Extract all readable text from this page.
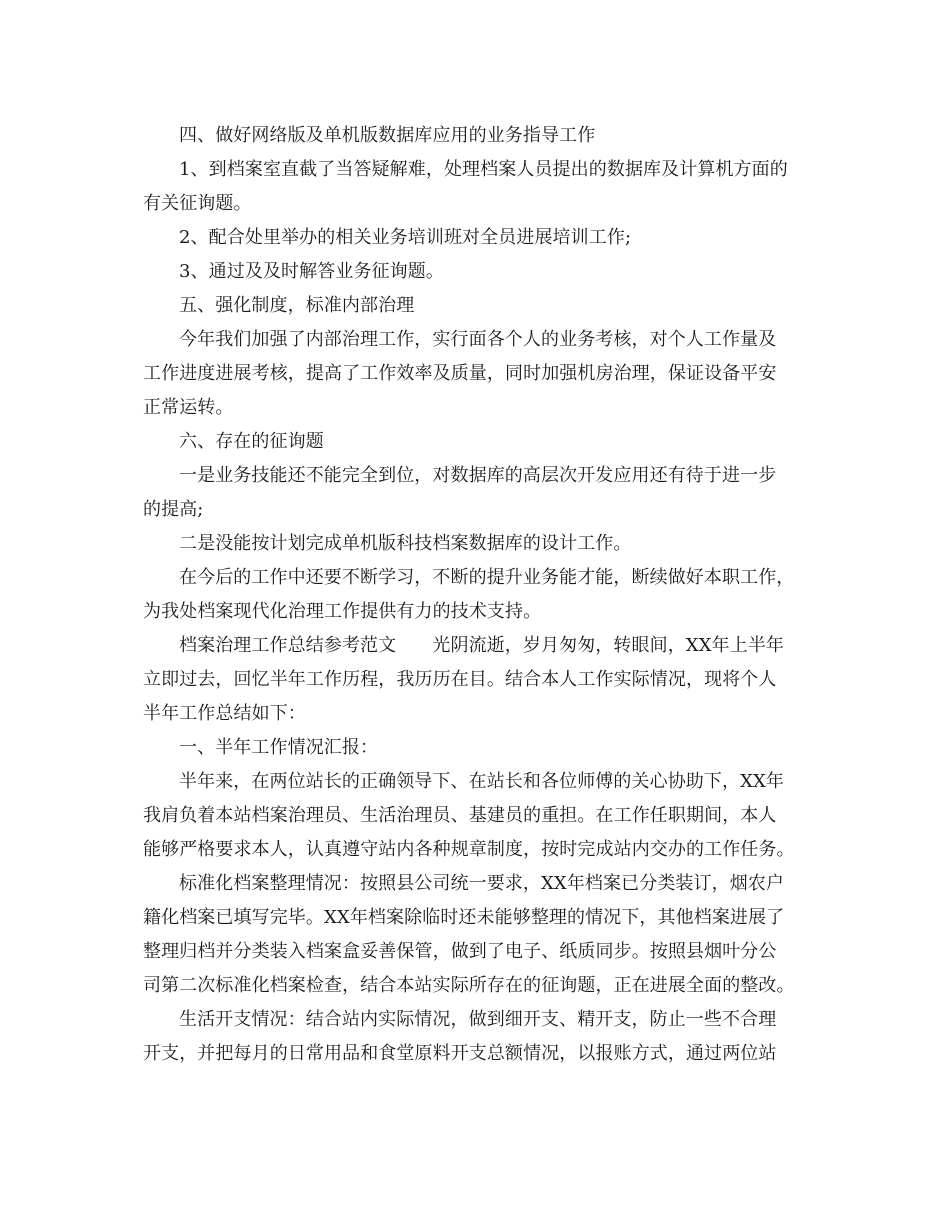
四、做好网络版及单机版数据库应用的业务指导工作
1、到档案室直截了当答疑解难，处理档案人员提出的数据库及计算机方面的
有关征询题。
2、配合处里举办的相关业务培训班对全员进展培训工作;
3、通过及及时解答业务征询题。
五、强化制度，标准内部治理
今年我们加强了内部治理工作，实行面各个人的业务考核，对个人工作量及
工作进度进展考核，提高了工作效率及质量，同时加强机房治理，保证设备平安
正常运转。
六、存在的征询题
一是业务技能还不能完全到位，对数据库的高层次开发应用还有待于进一步
的提高;
二是没能按计划完成单机版科技档案数据库的设计工作。
在今后的工作中还要不断学习，不断的提升业务能才能，断续做好本职工作，
为我处档案现代化治理工作提供有力的技术支持。
档案治理工作总结参考范文　　光阴流逝，岁月匆匆，转眼间，XX年上半年
立即过去，回忆半年工作历程，我历历在目。结合本人工作实际情况，现将个人
半年工作总结如下：
一、半年工作情况汇报：
半年来，在两位站长的正确领导下、在站长和各位师傅的关心协助下，XX年
我肩负着本站档案治理员、生活治理员、基建员的重担。在工作任职期间，本人
能够严格要求本人，认真遵守站内各种规章制度，按时完成站内交办的工作任务。
标准化档案整理情况：按照县公司统一要求，XX年档案已分类装订，烟农户
籍化档案已填写完毕。XX年档案除临时还未能够整理的情况下，其他档案进展了
整理归档并分类装入档案盒妥善保管，做到了电子、纸质同步。按照县烟叶分公
司第二次标准化档案检查，结合本站实际所存在的征询题，正在进展全面的整改。
生活开支情况：结合站内实际情况，做到细开支、精开支，防止一些不合理
开支，并把每月的日常用品和食堂原料开支总额情况，以报账方式，通过两位站
